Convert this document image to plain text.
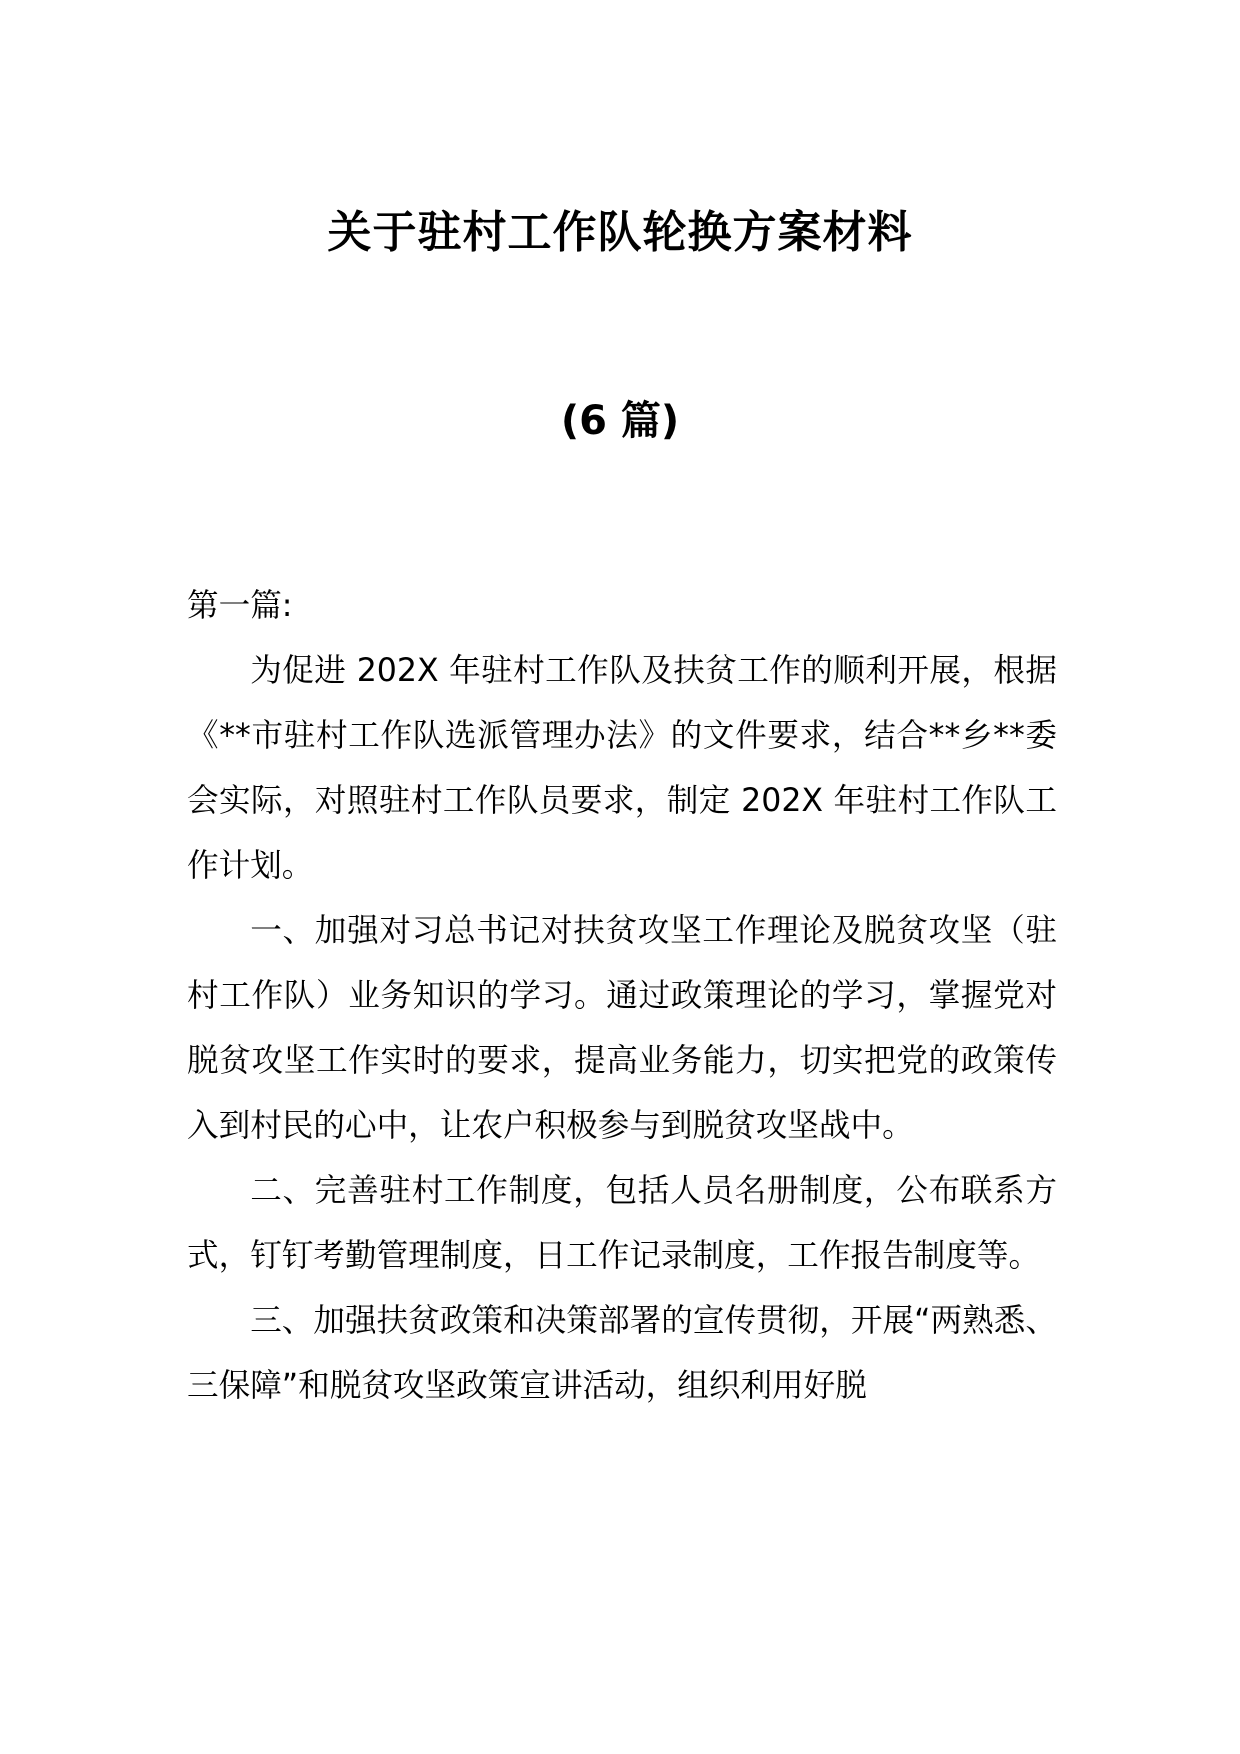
关于驻村工作队轮换方案材料
(6 篇)

第一篇:

为促进 202X 年驻村工作队及扶贫工作的顺利开展，根据《**市驻村工作队选派管理办法》的文件要求，结合**乡**委会实际，对照驻村工作队员要求，制定 202X 年驻村工作队工作计划。

一、加强对习总书记对扶贫攻坚工作理论及脱贫攻坚（驻村工作队）业务知识的学习。通过政策理论的学习，掌握党对脱贫攻坚工作实时的要求，提高业务能力，切实把党的政策传入到村民的心中，让农户积极参与到脱贫攻坚战中。

二、完善驻村工作制度，包括人员名册制度，公布联系方式，钉钉考勤管理制度，日工作记录制度，工作报告制度等。

三、加强扶贫政策和决策部署的宣传贯彻，开展“两熟悉、三保障”和脱贫攻坚政策宣讲活动，组织利用好脱
